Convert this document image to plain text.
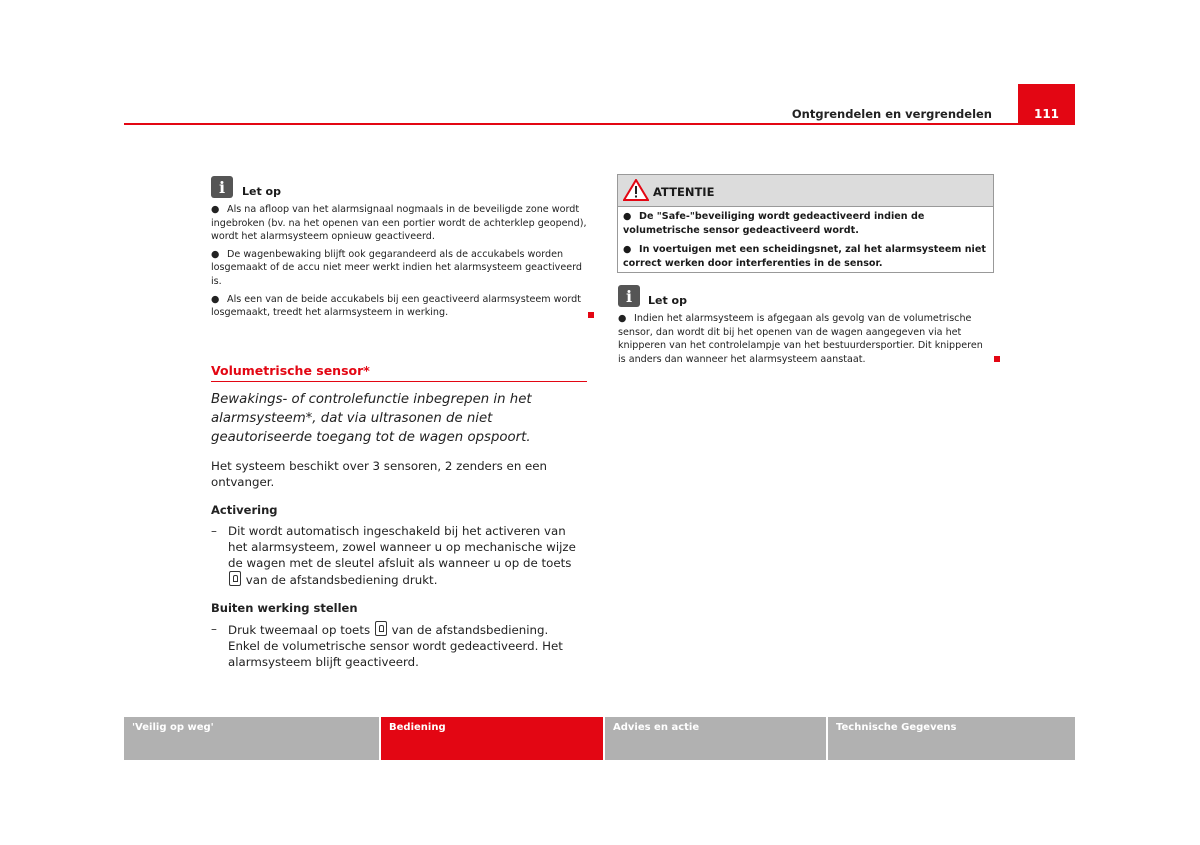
Ontgrendelen en vergrendelen	111
i	Let op

● Als na afloop van het alarmsignaal nogmaals in de beveiligde zone wordt ingebroken (bv. na het openen van een portier wordt de achterklep geopend), wordt het alarmsysteem opnieuw geactiveerd.

● De wagenbewaking blijft ook gegarandeerd als de accukabels worden losgemaakt of de accu niet meer werkt indien het alarmsysteem geactiveerd is.

● Als een van de beide accukabels bij een geactiveerd alarmsysteem wordt losgemaakt, treedt het alarmsysteem in werking.

Volumetrische sensor*
Bewakings- of controlefunctie inbegrepen in het alarmsysteem*, dat via ultrasonen de niet geautoriseerde toegang tot de wagen opspoort.
Het systeem beschikt over 3 sensoren, 2 zenders en een ontvanger.
Activering
– Dit wordt automatisch ingeschakeld bij het activeren van het alarmsysteem, zowel wanneer u op mechanische wijze de wagen met de sleutel afsluit als wanneer u op de toets  van de afstandsbediening drukt.
Buiten werking stellen
– Druk tweemaal op toets van de afstandsbediening. Enkel de volumetrische sensor wordt gedeactiveerd. Het alarmsysteem blijft geactiveerd.
ATTENTIE

● De "Safe-"beveiliging wordt gedeactiveerd indien de volumetrische sensor gedeactiveerd wordt.

● In voertuigen met een scheidingsnet, zal het alarmsysteem niet correct werken door interferenties in de sensor.

i	Let op

● Indien het alarmsysteem is afgegaan als gevolg van de volumetrische sensor, dan wordt dit bij het openen van de wagen aangegeven via het knipperen van het controlelampje van het bestuurdersportier. Dit knipperen is anders dan wanneer het alarmsysteem aanstaat.

'Veilig op weg'	Bediening	Advies en actie	Technische Gegevens
